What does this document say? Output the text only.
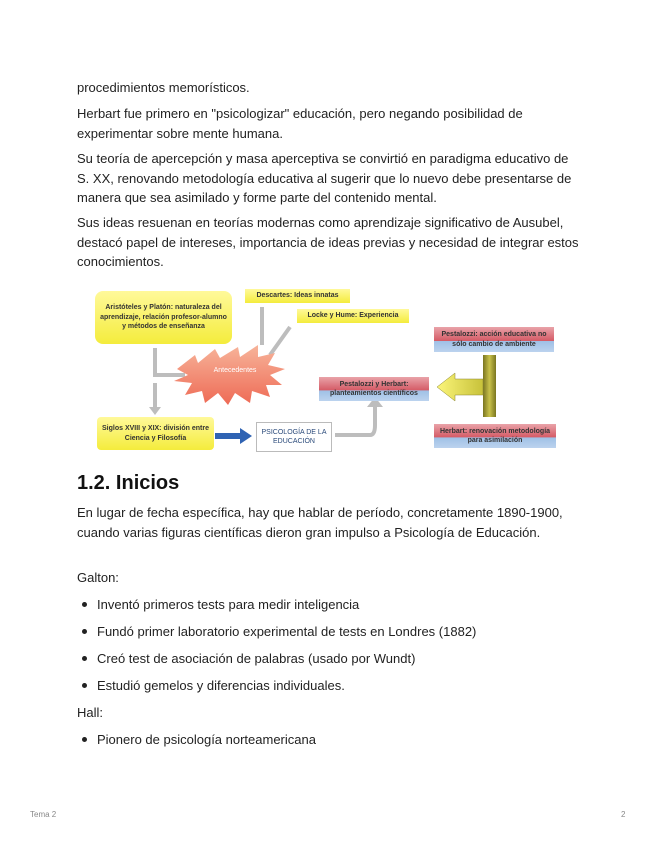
procedimientos memorísticos.

Herbart fue primero en "psicologizar" educación, pero negando posibilidad de experimentar sobre mente humana.

Su teoría de apercepción y masa aperceptiva se convirtió en paradigma educativo de S. XX, renovando metodología educativa al sugerir que lo nuevo debe presentarse de manera que sea asimilado y forme parte del contenido mental.

Sus ideas resuenan en teorías modernas como aprendizaje significativo de Ausubel, destacó papel de intereses, importancia de ideas previas y necesidad de integrar estos conocimientos.

Aristóteles y Platón: naturaleza del aprendizaje, relación profesor-alumno y métodos de enseñanza
Descartes: Ideas innatas
Locke y Hume: Experiencia
Antecedentes
Siglos XVIII y XIX: división entre Ciencia y Filosofía
PSICOLOGÍA DE LA EDUCACIÓN
Pestalozzi y Herbart: planteamientos científicos
Pestalozzi: acción educativa no sólo cambio de ambiente
Herbart: renovación metodología para asimilación
1.2. Inicios

En lugar de fecha específica, hay que hablar de período, concretamente 1890-1900, cuando varias figuras científicas dieron gran impulso a Psicología de Educación.

Galton:

Inventó primeros tests para medir inteligencia
Fundó primer laboratorio experimental de tests en Londres (1882)
Creó test de asociación de palabras (usado por Wundt)
Estudió gemelos y diferencias individuales.

Hall:

Pionero de psicología norteamericana
Tema 2	2
